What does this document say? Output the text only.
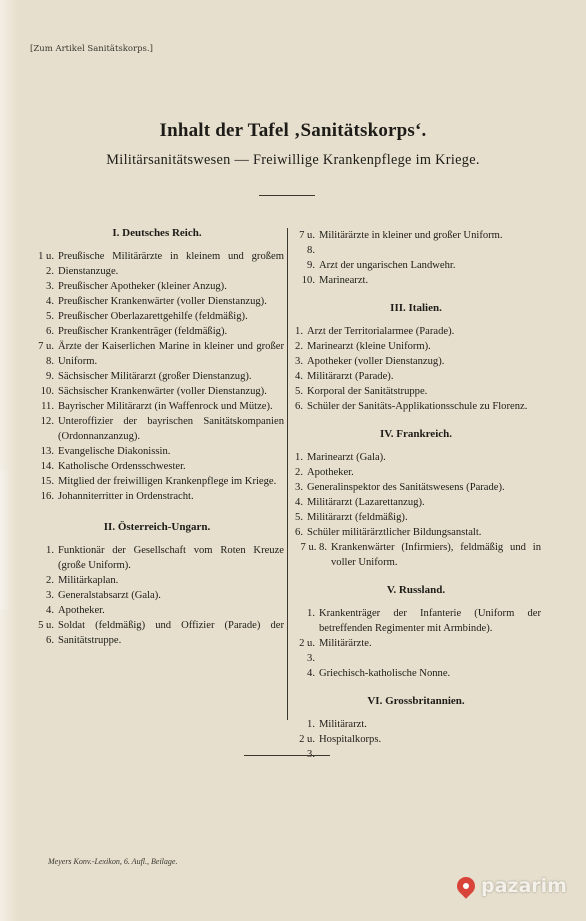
[Zum Artikel Sanitätskorps.]
Inhalt der Tafel ‚Sanitätskorps‘.
Militärsanitätswesen — Freiwillige Krankenpflege im Kriege.
I. Deutsches Reich.
1 u. 2.
Preußische Militärärzte in kleinem und großem Dienstanzuge.
3. Preußischer Apotheker (kleiner Anzug).
4. Preußischer Krankenwärter (voller Dienstanzug).
5. Preußischer Oberlazarettgehilfe (feldmäßig).
6. Preußischer Krankenträger (feldmäßig).
7 u. 8.
Ärzte der Kaiserlichen Marine in kleiner und großer Uniform.
9. Sächsischer Militärarzt (großer Dienstanzug).
10. Sächsischer Krankenwärter (voller Dienstanzug).
11. Bayrischer Militärarzt (in Waffenrock und Mütze).
12. Unteroffizier der bayrischen Sanitätskompanien (Ordonnanzanzug).
13. Evangelische Diakonissin.
14. Katholische Ordensschwester.
15. Mitglied der freiwilligen Krankenpflege im Kriege.
16. Johanniterritter in Ordenstracht.
II. Österreich-Ungarn.
1. Funktionär der Gesellschaft vom Roten Kreuze (große Uniform).
2. Militärkaplan.
3. Generalstabsarzt (Gala).
4. Apotheker.
5 u. 6.
Soldat (feldmäßig) und Offizier (Parade) der Sanitätstruppe.
7 u. 8.
Militärärzte in kleiner und großer Uniform.
9. Arzt der ungarischen Landwehr.
10. Marinearzt.
III. Italien.
1. Arzt der Territorialarmee (Parade).
2. Marinearzt (kleine Uniform).
3. Apotheker (voller Dienstanzug).
4. Militärarzt (Parade).
5. Korporal der Sanitätstruppe.
6. Schüler der Sanitäts-Applikationsschule zu Florenz.
IV. Frankreich.
1. Marinearzt (Gala).
2. Apotheker.
3. Generalinspektor des Sanitätswesens (Parade).
4. Militärarzt (Lazarettanzug).
5. Militärarzt (feldmäßig).
6. Schüler militärärztlicher Bildungsanstalt.
7 u. 8. Krankenwärter (Infirmiers), feldmäßig und in voller Uniform.
V. Russland.
1. Krankenträger der Infanterie (Uniform der betreffenden Regimenter mit Armbinde).
2 u. 3.
Militärärzte.
4. Griechisch-katholische Nonne.
VI. Grossbritannien.
1. Militärarzt.
2 u. Hospitalkorps.
Meyers Konv.-Lexikon, 6. Aufl., Beilage.
pazarim
